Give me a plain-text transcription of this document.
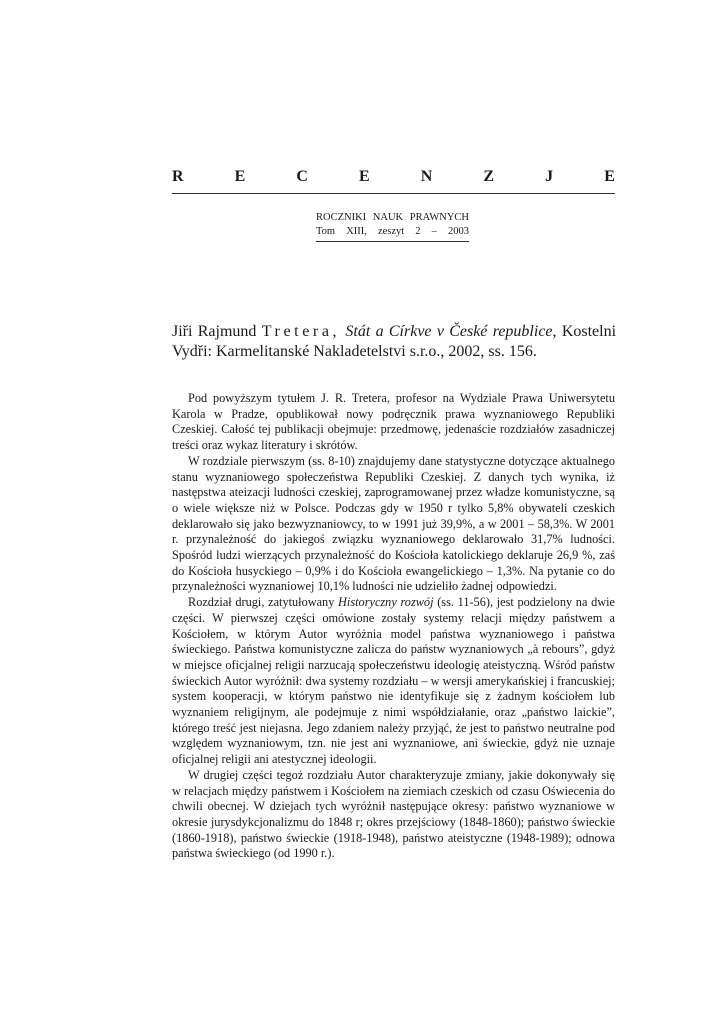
R	E	C	E	N	Z	J	E
ROCZNIKI NAUK PRAWNYCH
Tom XIII, zeszyt 2 – 2003
Jiři Rajmund Tretera, Stát a Církve v České republice, Kostelni Vydři: Karmelitanské Nakladetelstvi s.r.o., 2002, ss. 156.

Pod powyższym tytułem J. R. Tretera, profesor na Wydziale Prawa Uniwersytetu Karola w Pradze, opublikował nowy podręcznik prawa wyznaniowego Republiki Czeskiej. Całość tej publikacji obejmuje: przedmowę, jedenaście rozdziałów zasadniczej treści oraz wykaz literatury i skrótów.

W rozdziale pierwszym (ss. 8-10) znajdujemy dane statystyczne dotyczące aktualnego stanu wyznaniowego społeczeństwa Republiki Czeskiej. Z danych tych wynika, iż następstwa ateizacji ludności czeskiej, zaprogramowanej przez władze komunistyczne, są o wiele większe niż w Polsce. Podczas gdy w 1950 r tylko 5,8% obywateli czeskich deklarowało się jako bezwyznaniowcy, to w 1991 już 39,9%, a w 2001 – 58,3%. W 2001 r. przynależność do jakiegoś związku wyznaniowego deklarowało 31,7% ludności. Spośród ludzi wierzących przynależność do Kościoła katolickiego deklaruje 26,9 %, zaś do Kościoła husyckiego – 0,9% i do Kościoła ewangelickiego – 1,3%. Na pytanie co do przynależności wyznaniowej 10,1% ludności nie udzieliło żadnej odpowiedzi.

Rozdział drugi, zatytułowany Historyczny rozwój (ss. 11-56), jest podzielony na dwie części. W pierwszej części omówione zostały systemy relacji między państwem a Kościołem, w którym Autor wyróżnia model państwa wyznaniowego i państwa świeckiego. Państwa komunistyczne zalicza do państw wyznaniowych „à rebours”, gdyż w miejsce oficjalnej religii narzucają społeczeństwu ideologię ateistyczną. Wśród państw świeckich Autor wyróżnił: dwa systemy rozdziału – w wersji amerykańskiej i francuskiej; system kooperacji, w którym państwo nie identyfikuje się z żadnym kościołem lub wyznaniem religijnym, ale podejmuje z nimi współdziałanie, oraz „państwo laickie”, którego treść jest niejasna. Jego zdaniem należy przyjąć, że jest to państwo neutralne pod względem wyznaniowym, tzn. nie jest ani wyznaniowe, ani świeckie, gdyż nie uznaje oficjalnej religii ani atestycznej ideologii.

W drugiej części tegoż rozdziału Autor charakteryzuje zmiany, jakie dokonywały się w relacjach między państwem i Kościołem na ziemiach czeskich od czasu Oświecenia do chwili obecnej. W dziejach tych wyróżnił następujące okresy: państwo wyznaniowe w okresie jurysdykcjonalizmu do 1848 r; okres przejściowy (1848-1860); państwo świeckie (1860-1918), państwo świeckie (1918-1948), państwo ateistyczne (1948-1989); odnowa państwa świeckiego (od 1990 r.).
